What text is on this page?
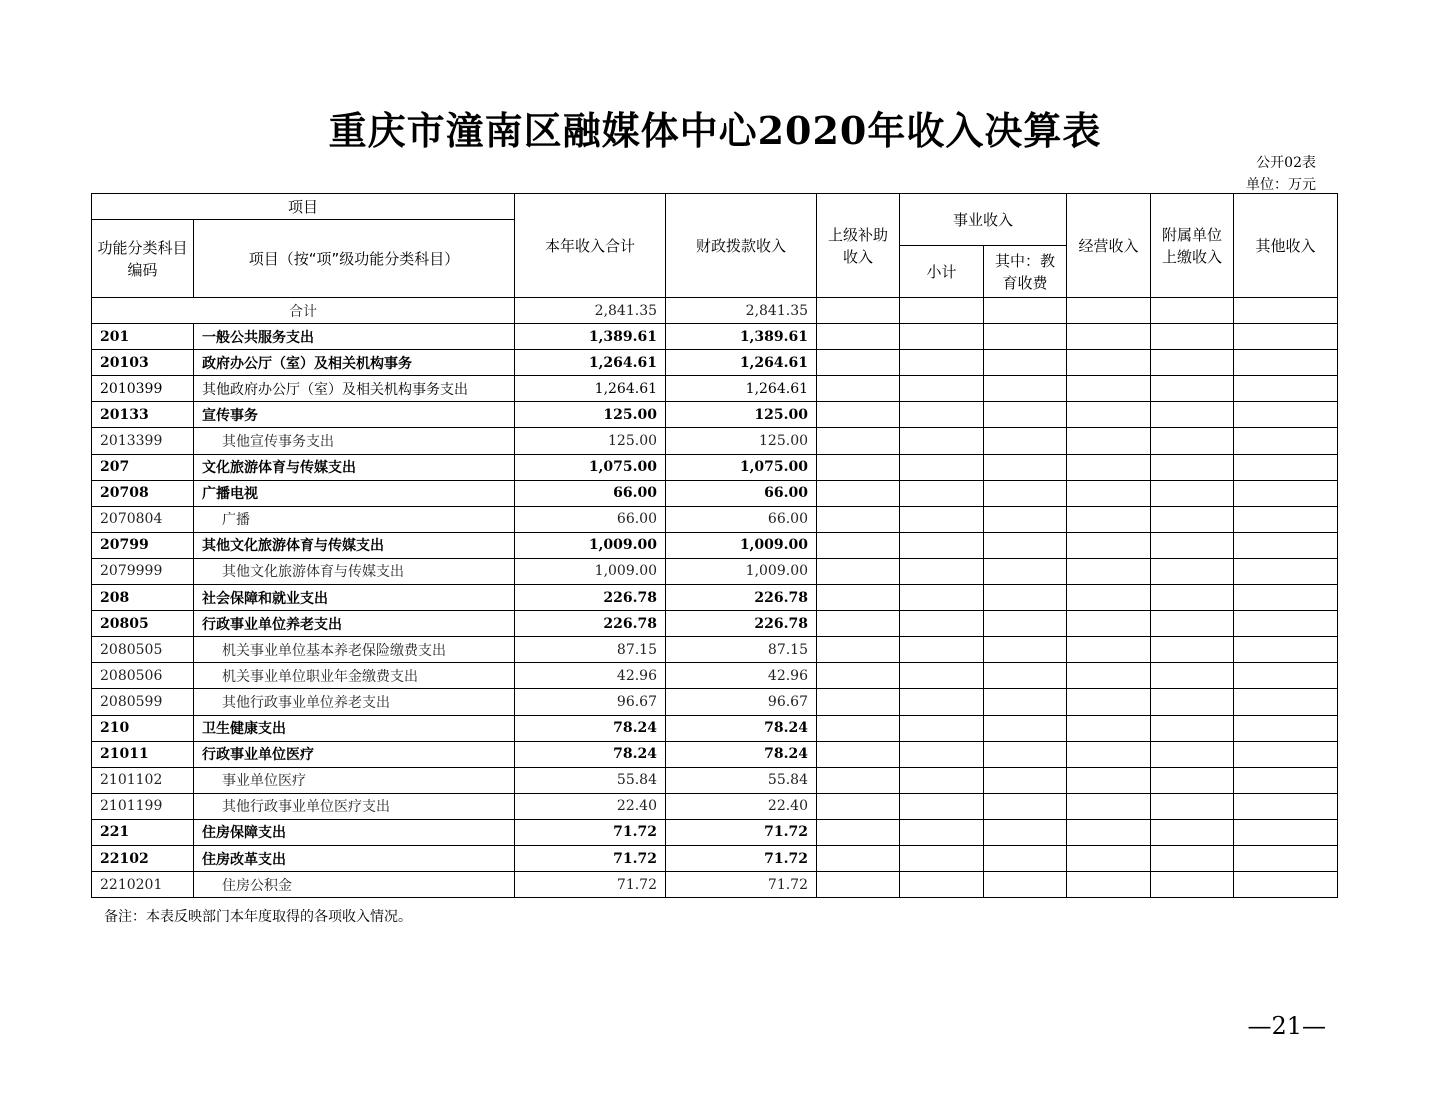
重庆市潼南区融媒体中心2020年收入决算表
公开02表
单位：万元
项目		本年收入合计	财政拨款收入	上级补助收入	事业收入		经营收入	附属单位上缴收入	其他收入
功能分类科目编码	项目（按“项”级功能分类科目）								
					小计	其中：教育收费			
合计		2,841.35	2,841.35						
201	一般公共服务支出	1,389.61	1,389.61						
20103	政府办公厅（室）及相关机构事务	1,264.61	1,264.61						
2010399	其他政府办公厅（室）及相关机构事务支出	1,264.61	1,264.61						
20133	宣传事务	125.00	125.00						
2013399	其他宣传事务支出	125.00	125.00						
207	文化旅游体育与传媒支出	1,075.00	1,075.00						
20708	广播电视	66.00	66.00						
2070804	广播	66.00	66.00						
20799	其他文化旅游体育与传媒支出	1,009.00	1,009.00						
2079999	其他文化旅游体育与传媒支出	1,009.00	1,009.00						
208	社会保障和就业支出	226.78	226.78						
20805	行政事业单位养老支出	226.78	226.78						
2080505	机关事业单位基本养老保险缴费支出	87.15	87.15						
2080506	机关事业单位职业年金缴费支出	42.96	42.96						
2080599	其他行政事业单位养老支出	96.67	96.67						
210	卫生健康支出	78.24	78.24						
21011	行政事业单位医疗	78.24	78.24						
2101102	事业单位医疗	55.84	55.84						
2101199	其他行政事业单位医疗支出	22.40	22.40						
221	住房保障支出	71.72	71.72						
22102	住房改革支出	71.72	71.72						
2210201	住房公积金	71.72	71.72						
备注：本表反映部门本年度取得的各项收入情况。
—21—
